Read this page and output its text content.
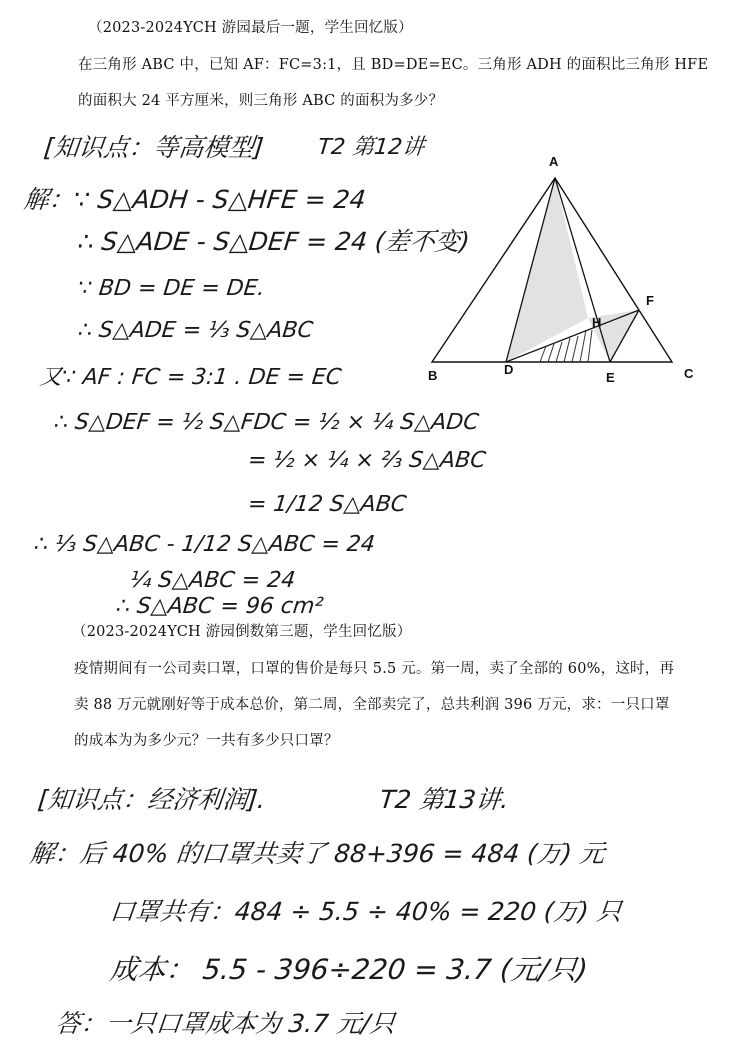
（2023-2024YCH 游园最后一题，学生回忆版）
在三角形 ABC 中，已知 AF：FC=3:1，且 BD=DE=EC。三角形 ADH 的面积比三角形 HFE
的面积大 24 平方厘米，则三角形 ABC 的面积为多少？
[知识点：等高模型] T2 第12讲
解：∵ S△ADH - S△HFE = 24
∴ S△ADE - S△DEF = 24 (差不变)
∵ BD = DE = DE.
∴ S△ADE = ⅓ S△ABC
又∵ AF : FC = 3:1 . DE = EC
∴ S△DEF = ½ S△FDC = ½ × ¼ S△ADC
= ½ × ¼ × ⅔ S△ABC
= 1/12 S△ABC
∴ ⅓ S△ABC - 1/12 S△ABC = 24
¼ S△ABC = 24
∴ S△ABC = 96 cm²
A
B	C
D
E
F
H
（2023-2024YCH 游园倒数第三题，学生回忆版）
疫情期间有一公司卖口罩，口罩的售价是每只 5.5 元。第一周，卖了全部的 60%，这时，再
卖 88 万元就刚好等于成本总价，第二周，全部卖完了，总共利润 396 万元，求：一只口罩
的成本为为多少元？一共有多少只口罩？
[知识点：经济利润].	T2 第13讲.
解：后 40% 的口罩共卖了 88+396 = 484 (万) 元
口罩共有：484 ÷ 5.5 ÷ 40% = 220 (万) 只
成本： 5.5 - 396÷220 = 3.7 (元/只)
答：一只口罩成本为 3.7 元/只
